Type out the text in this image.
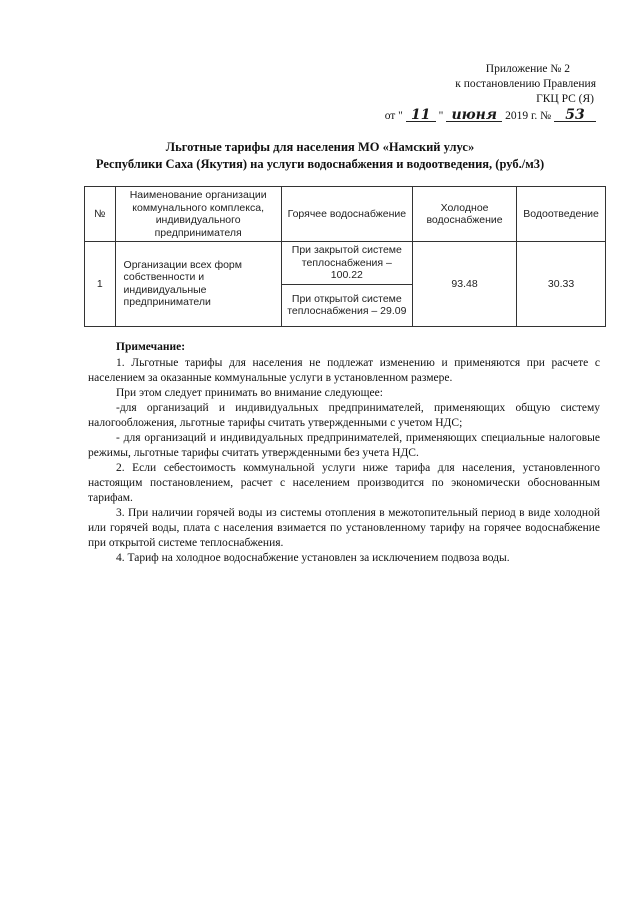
Приложение № 2
к постановлению Правления
ГКЦ РС (Я)
от " 11 " июня 2019 г. № 53
Льготные тарифы для населения МО «Намский улус»
Республики Саха (Якутия) на услуги водоснабжения и водоотведения, (руб./м3)
№	Наименование организации коммунального комплекса, индивидуального предпринимателя	Горячее водоснабжение	Холодное водоснабжение	Водоотведение
1	Организации всех форм собственности и индивидуальные предприниматели	При закрытой системе теплоснабжения – 100.22	93.48	30.33
		При открытой системе теплоснабжения – 29.09		
Примечание:

1. Льготные тарифы для населения не подлежат изменению и применяются при расчете с населением за оказанные коммунальные услуги в установленном размере.

При этом следует принимать во внимание следующее:

-для организаций и индивидуальных предпринимателей, применяющих общую систему налогообложения, льготные тарифы считать утвержденными с учетом НДС;

- для организаций и индивидуальных предпринимателей, применяющих специальные налоговые режимы, льготные тарифы считать утвержденными без учета НДС.

2. Если себестоимость коммунальной услуги ниже тарифа для населения, установленного настоящим постановлением, расчет с населением производится по экономически обоснованным тарифам.

3. При наличии горячей воды из системы отопления в межотопительный период в виде холодной или горячей воды, плата с населения взимается по установленному тарифу на горячее водоснабжение при открытой системе теплоснабжения.

4. Тариф на холодное водоснабжение установлен за исключением подвоза воды.
